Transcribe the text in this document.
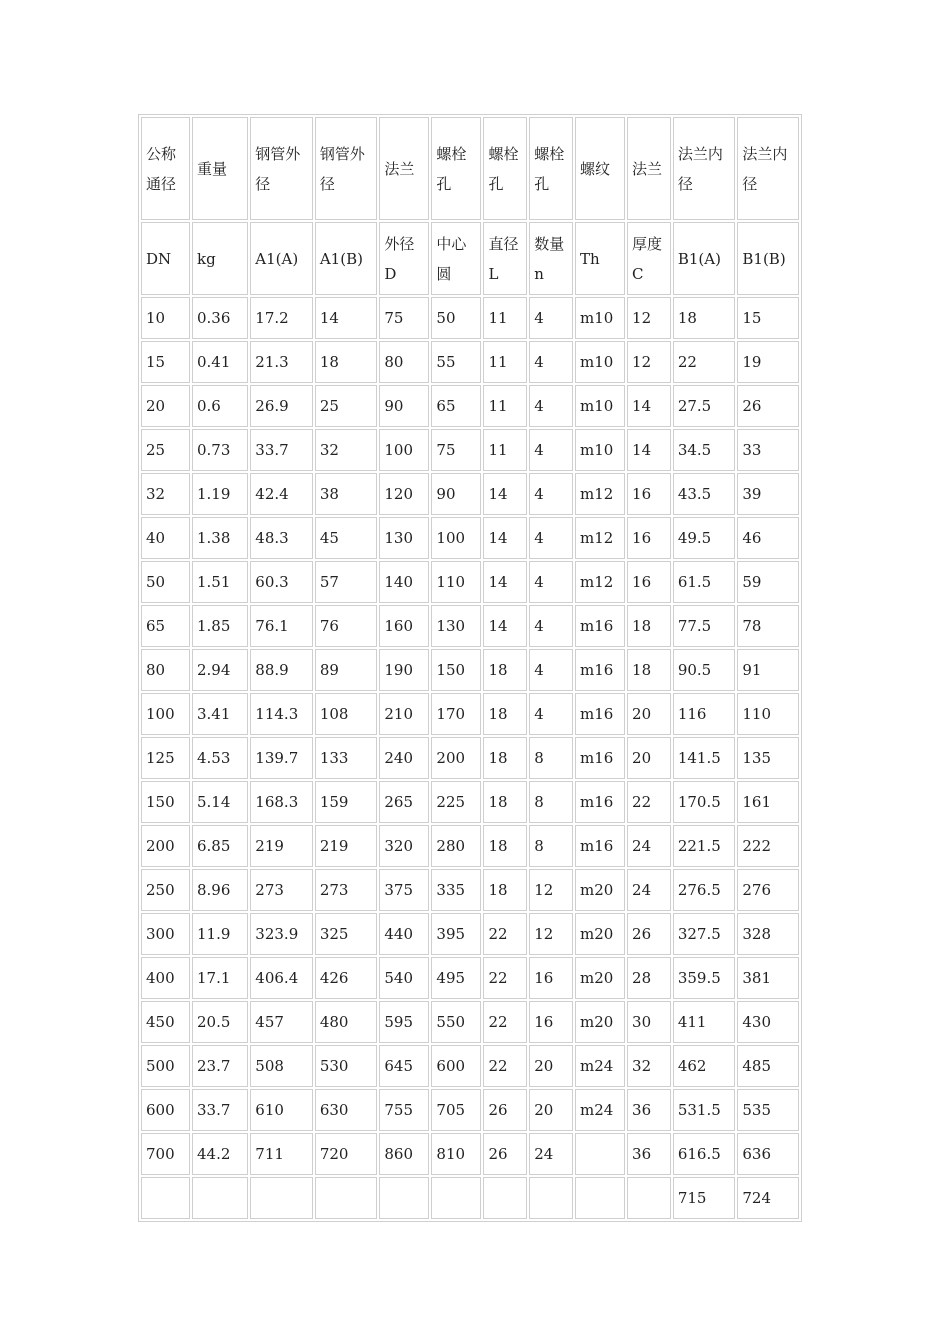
公称通径	重量	钢管外径	钢管外径	法兰	螺栓孔	螺栓孔	螺栓孔	螺纹	法兰	法兰内径	法兰内径
DN	kg	A1(A)	A1(B)	外径D	中心圆	直径L	数量n	Th	厚度C	B1(A)	B1(B)
10	0.36	17.2	14	75	50	11	4	m10	12	18	15
15	0.41	21.3	18	80	55	11	4	m10	12	22	19
20	0.6	26.9	25	90	65	11	4	m10	14	27.5	26
25	0.73	33.7	32	100	75	11	4	m10	14	34.5	33
32	1.19	42.4	38	120	90	14	4	m12	16	43.5	39
40	1.38	48.3	45	130	100	14	4	m12	16	49.5	46
50	1.51	60.3	57	140	110	14	4	m12	16	61.5	59
65	1.85	76.1	76	160	130	14	4	m16	18	77.5	78
80	2.94	88.9	89	190	150	18	4	m16	18	90.5	91
100	3.41	114.3	108	210	170	18	4	m16	20	116	110
125	4.53	139.7	133	240	200	18	8	m16	20	141.5	135
150	5.14	168.3	159	265	225	18	8	m16	22	170.5	161
200	6.85	219	219	320	280	18	8	m16	24	221.5	222
250	8.96	273	273	375	335	18	12	m20	24	276.5	276
300	11.9	323.9	325	440	395	22	12	m20	26	327.5	328
400	17.1	406.4	426	540	495	22	16	m20	28	359.5	381
450	20.5	457	480	595	550	22	16	m20	30	411	430
500	23.7	508	530	645	600	22	20	m24	32	462	485
600	33.7	610	630	755	705	26	20	m24	36	531.5	535
700	44.2	711	720	860	810	26	24		36	616.5	636
										715	724
